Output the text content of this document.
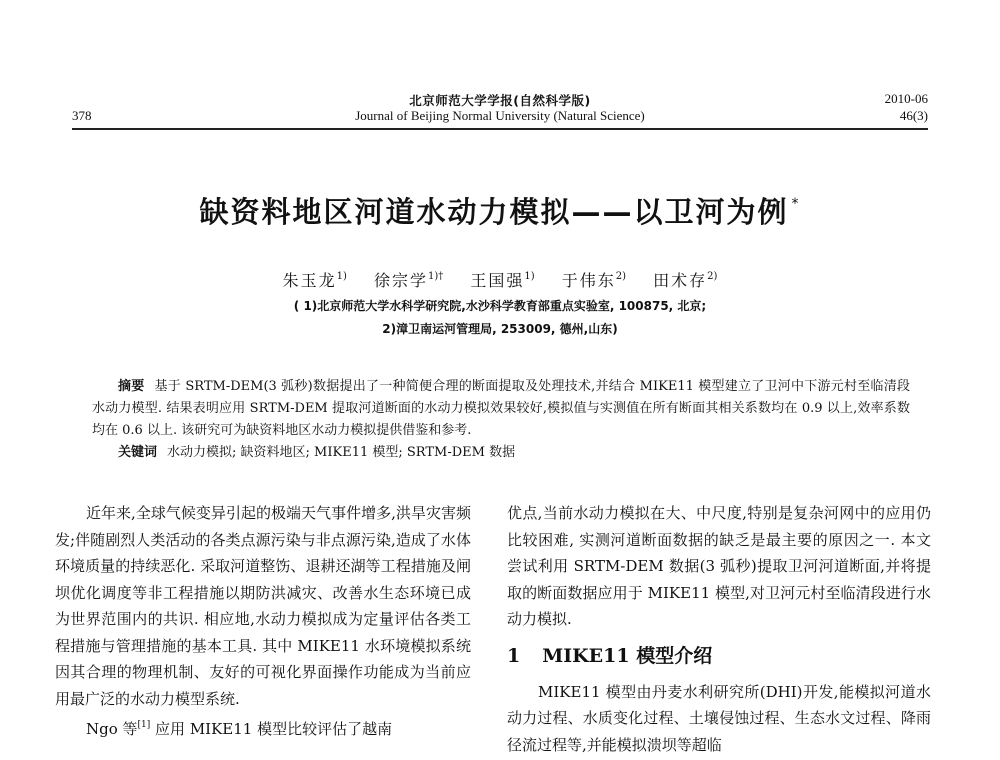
378
北京师范大学学报(自然科学版)
Journal of Beijing Normal University (Natural Science)
2010-06
46(3)
缺资料地区河道水动力模拟——以卫河为例 *
朱玉龙$^{1)}$ 徐宗学$^{1)\dagger}$ 王国强$^{1)}$ 于伟东$^{2)}$ 田术存$^{2)}$
( 1)北京师范大学水科学研究院,水沙科学教育部重点实验室, 100875, 北京;
2)漳卫南运河管理局, 253009, 德州,山东)

摘要 基于 SRTM-DEM(3 弧秒)数据提出了一种简便合理的断面提取及处理技术,并结合 MIKE11 模型建立了卫河中下游元村至临清段水动力模型. 结果表明应用 SRTM-DEM 提取河道断面的水动力模拟效果较好,模拟值与实测值在所有断面其相关系数均在 0.9 以上,效率系数均在 0.6 以上. 该研究可为缺资料地区水动力模拟提供借鉴和参考.

关键词 水动力模拟; 缺资料地区; MIKE11 模型; SRTM-DEM 数据

近年来,全球气候变异引起的极端天气事件增多,洪旱灾害频发;伴随剧烈人类活动的各类点源污染与非点源污染,造成了水体环境质量的持续恶化. 采取河道整饬、退耕还湖等工程措施及闸坝优化调度等非工程措施以期防洪减灾、改善水生态环境已成为世界范围内的共识. 相应地,水动力模拟成为定量评估各类工程措施与管理措施的基本工具. 其中 MIKE11 水环境模拟系统因其合理的物理机制、友好的可视化界面操作功能成为当前应用最广泛的水动力模型系统.

Ngo 等[1] 应用 MIKE11 模型比较评估了越南

优点,当前水动力模拟在大、中尺度,特别是复杂河网中的应用仍比较困难, 实测河道断面数据的缺乏是最主要的原因之一. 本文尝试利用 SRTM-DEM 数据(3 弧秒)提取卫河河道断面,并将提取的断面数据应用于 MIKE11 模型,对卫河元村至临清段进行水动力模拟.

1 MIKE11 模型介绍

MIKE11 模型由丹麦水利研究所(DHI)开发,能模拟河道水动力过程、水质变化过程、土壤侵蚀过程、生态水文过程、降雨径流过程等,并能模拟溃坝等超临
